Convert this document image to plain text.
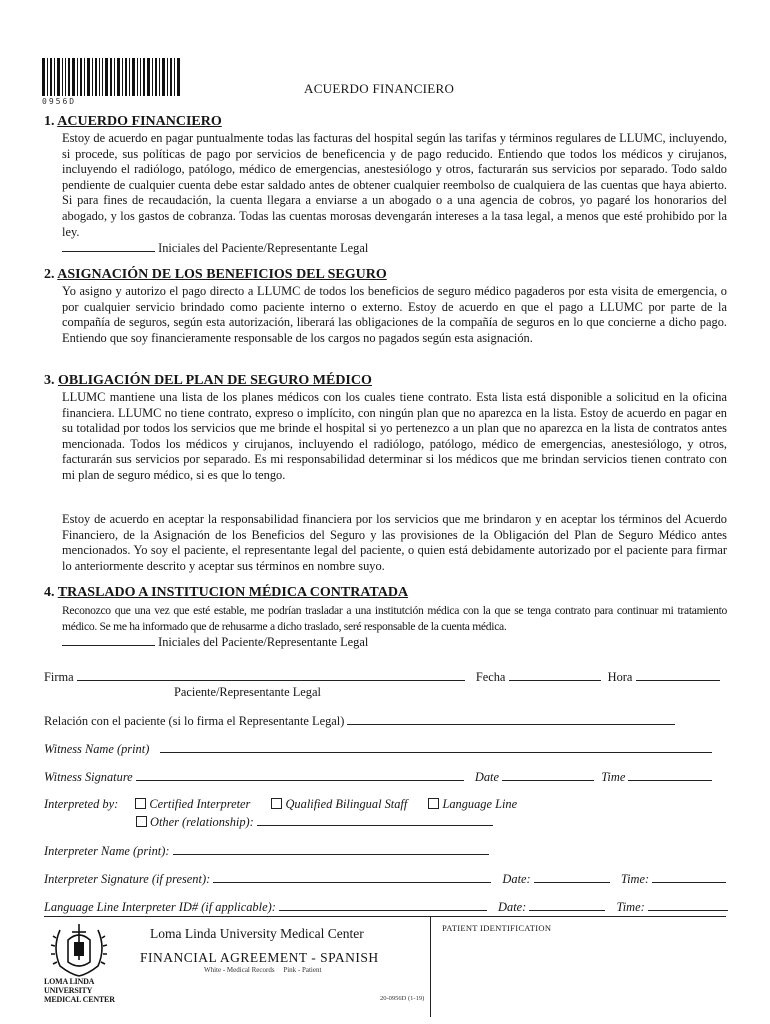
0956D
ACUERDO FINANCIERO
1. ACUERDO FINANCIERO
Estoy de acuerdo en pagar puntualmente todas las facturas del hospital según las tarifas y términos regulares de LLUMC, incluyendo, si procede, sus políticas de pago por servicios de beneficencia y de pago reducido. Entiendo que todos los médicos y cirujanos, incluyendo el radiólogo, patólogo, médico de emergencias, anestesiólogo y otros, facturarán sus servicios por separado. Todo saldo pendiente de cualquier cuenta debe estar saldado antes de obtener cualquier reembolso de cualquiera de las cuentas que haya abierto. Si para fines de recaudación, la cuenta llegara a enviarse a un abogado o a una agencia de cobros, yo pagaré los honorarios del abogado, y los gastos de cobranza. Todas las cuentas morosas devengarán intereses a la tasa legal, a menos que esté prohibido por la ley.
Iniciales del Paciente/Representante Legal
2. ASIGNACIÓN DE LOS BENEFICIOS DEL SEGURO
Yo asigno y autorizo el pago directo a LLUMC de todos los beneficios de seguro médico pagaderos por esta visita de emergencia, o por cualquier servicio brindado como paciente interno o externo. Estoy de acuerdo en que el pago a LLUMC por parte de la compañía de seguros, según esta autorización, liberará las obligaciones de la compañía de seguros en lo que concierne a dicho pago. Entiendo que soy financieramente responsable de los cargos no pagados según esta asignación.
3. OBLIGACIÓN DEL PLAN DE SEGURO MÉDICO
LLUMC mantiene una lista de los planes médicos con los cuales tiene contrato. Esta lista está disponible a solicitud en la oficina financiera. LLUMC no tiene contrato, expreso o implícito, con ningún plan que no aparezca en la lista. Estoy de acuerdo en pagar en su totalidad por todos los servicios que me brinde el hospital si yo pertenezco a un plan que no aparezca en la lista de contratos antes mencionada. Todos los médicos y cirujanos, incluyendo el radiólogo, patólogo, médico de emergencias, anestesiólogo, y otros, facturarán sus servicios por separado. Es mi responsabilidad determinar si los médicos que me brindan servicios tienen contrato con mi plan de seguro médico, si es que lo tengo.
Estoy de acuerdo en aceptar la responsabilidad financiera por los servicios que me brindaron y en aceptar los términos del Acuerdo Financiero, de la Asignación de los Beneficios del Seguro y las provisiones de la Obligación del Plan de Seguro Médico antes mencionados. Yo soy el paciente, el representante legal del paciente, o quien está debidamente autorizado por el paciente para firmar lo anteriormente descrito y aceptar sus términos en nombre suyo.
4. TRASLADO A INSTITUCION MÉDICA CONTRATADA
Reconozco que una vez que esté estable, me podrían trasladar a una institutción médica con la que se tenga contrato para continuar mi tratamiento médico. Se me ha informado que de rehusarme a dicho traslado, seré responsable de la cuenta médica.
Iniciales del Paciente/Representante Legal
Firma	Fecha	Hora
Paciente/Representante Legal
Relación con el paciente (si lo firma el Representante Legal)
Witness Name (print)
Witness Signature	Date	Time
Interpreted by:	Certified Interpreter	Qualified Bilingual Staff	Language Line
Other (relationship):
Interpreter Name (print):
Interpreter Signature (if present):	Date:	Time:
Language Line Interpreter ID# (if applicable):	Date:	Time:
LOMA LINDA
UNIVERSITY
MEDICAL CENTER
Loma Linda University Medical Center
FINANCIAL AGREEMENT - SPANISH
White - Medical Records     Pink - Patient
PATIENT IDENTIFICATION
20-0956D (1-19)
